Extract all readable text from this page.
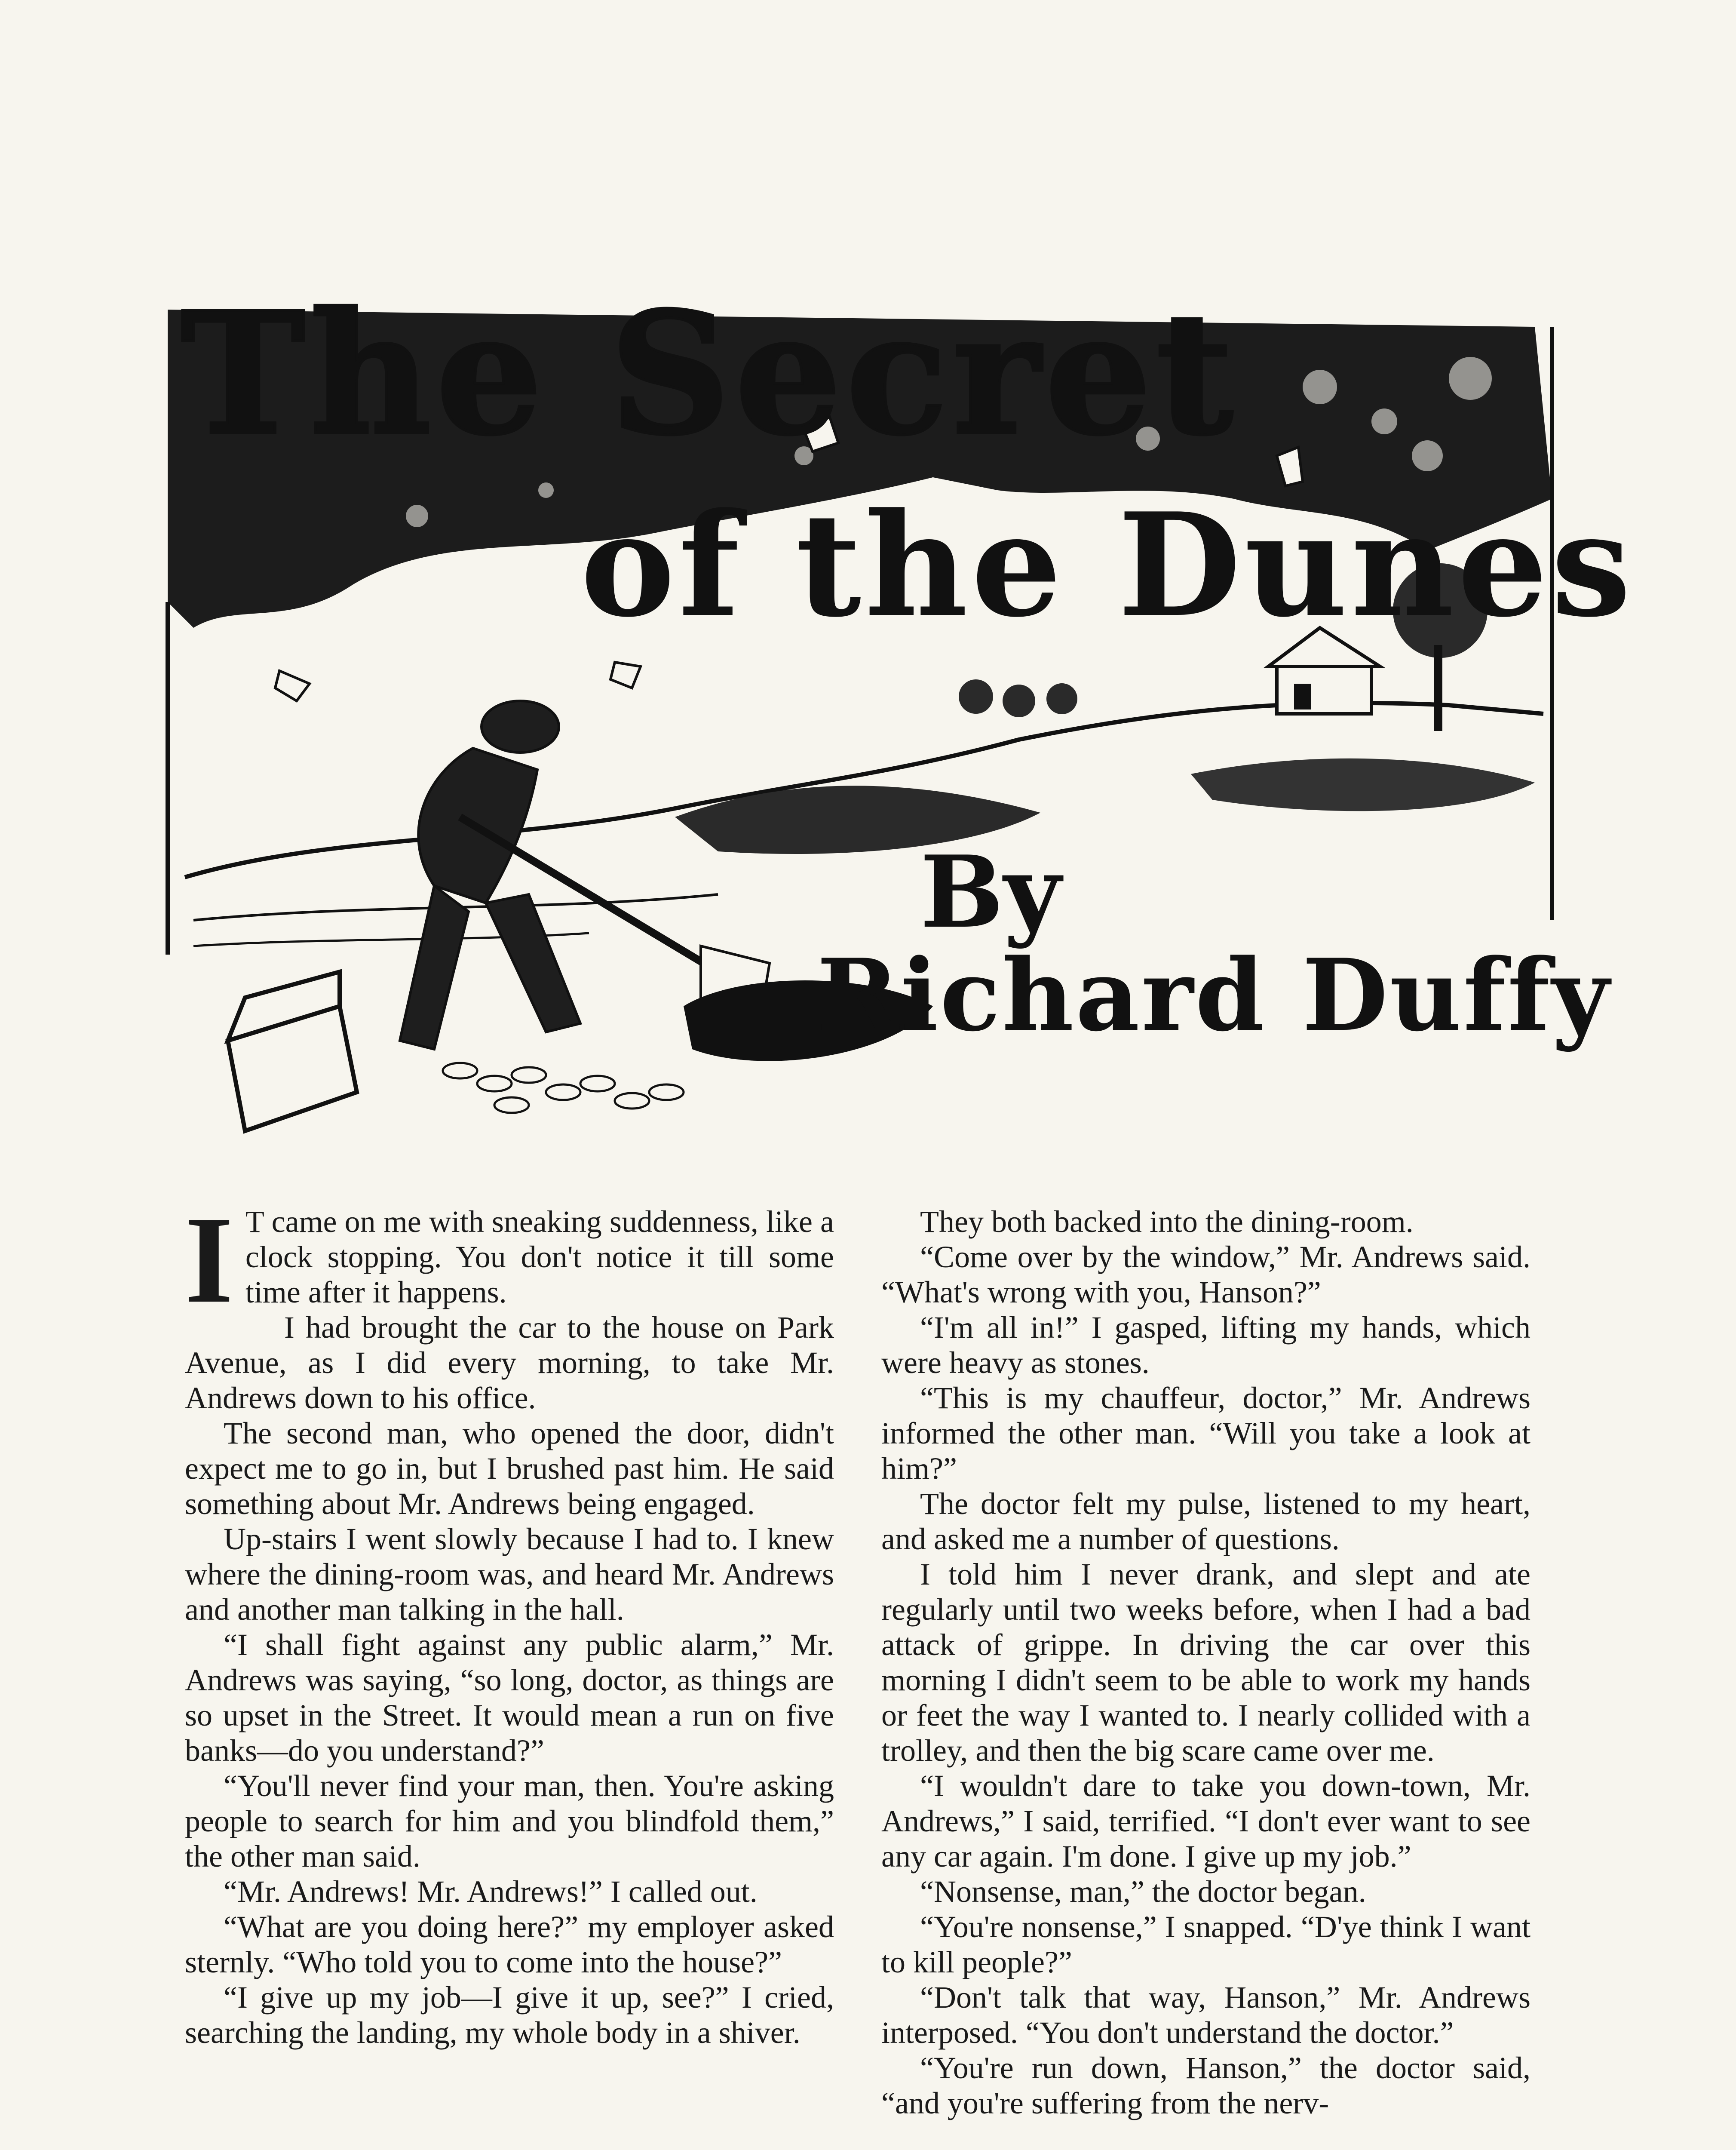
The Secret
of the Dunes
By
Richard Duffy

I T came on me with sneaking suddenness, like a clock stopping. You don't notice it till some time after it happens.

I had brought the car to the house on Park Avenue, as I did every morning, to take Mr. Andrews down to his office.

The second man, who opened the door, didn't expect me to go in, but I brushed past him. He said something about Mr. Andrews being engaged.

Up-stairs I went slowly because I had to. I knew where the dining-room was, and heard Mr. Andrews and another man talking in the hall.

“I shall fight against any public alarm,” Mr. Andrews was saying, “so long, doctor, as things are so upset in the Street. It would mean a run on five banks—do you understand?”

“You'll never find your man, then. You're asking people to search for him and you blindfold them,” the other man said.

“Mr. Andrews! Mr. Andrews!” I called out.

“What are you doing here?” my employer asked sternly. “Who told you to come into the house?”

“I give up my job—I give it up, see?” I cried, searching the landing, my whole body in a shiver.

They both backed into the dining-room.

“Come over by the window,” Mr. Andrews said. “What's wrong with you, Hanson?”

“I'm all in!” I gasped, lifting my hands, which were heavy as stones.

“This is my chauffeur, doctor,” Mr. Andrews informed the other man. “Will you take a look at him?”

The doctor felt my pulse, listened to my heart, and asked me a number of questions.

I told him I never drank, and slept and ate regularly until two weeks before, when I had a bad attack of grippe. In driving the car over this morning I didn't seem to be able to work my hands or feet the way I wanted to. I nearly collided with a trolley, and then the big scare came over me.

“I wouldn't dare to take you down-town, Mr. Andrews,” I said, terrified. “I don't ever want to see any car again. I'm done. I give up my job.”

“Nonsense, man,” the doctor began.

“You're nonsense,” I snapped. “D'ye think I want to kill people?”

“Don't talk that way, Hanson,” Mr. Andrews interposed. “You don't understand the doctor.”

“You're run down, Hanson,” the doctor said, “and you're suffering from the nerv-
